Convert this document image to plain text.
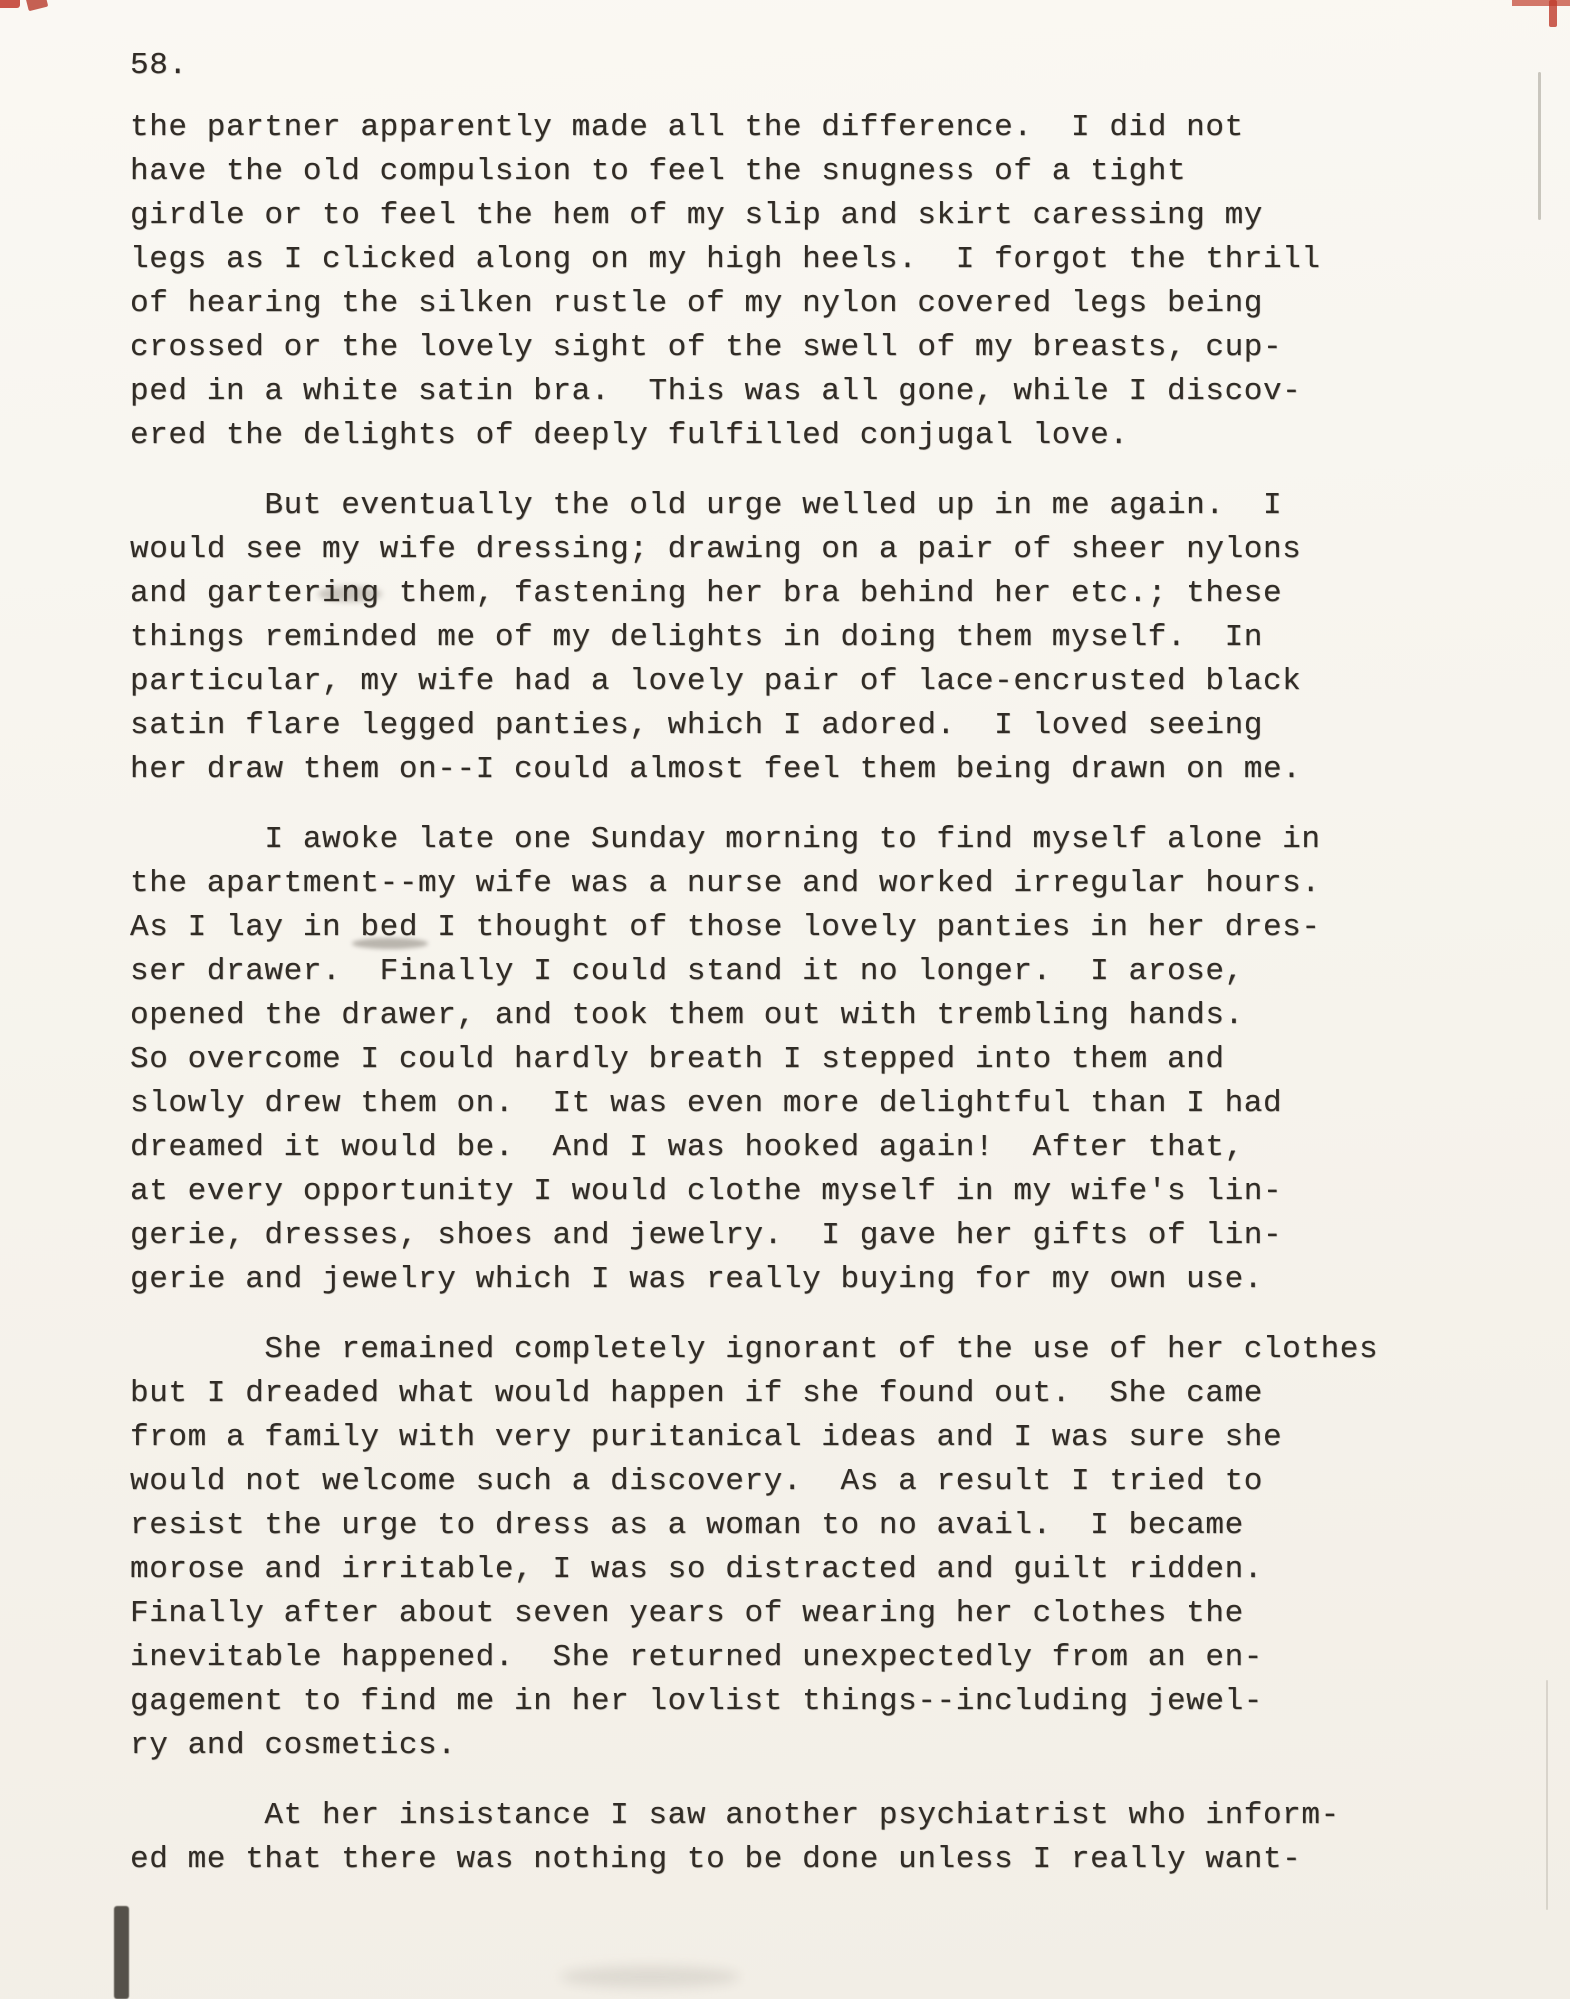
58.
the partner apparently made all the difference.  I did not
have the old compulsion to feel the snugness of a tight
girdle or to feel the hem of my slip and skirt caressing my
legs as I clicked along on my high heels.  I forgot the thrill
of hearing the silken rustle of my nylon covered legs being
crossed or the lovely sight of the swell of my breasts, cup-
ped in a white satin bra.  This was all gone, while I discov-
ered the delights of deeply fulfilled conjugal love.
But eventually the old urge welled up in me again.  I
would see my wife dressing; drawing on a pair of sheer nylons
and gartering them, fastening her bra behind her etc.; these
things reminded me of my delights in doing them myself.  In
particular, my wife had a lovely pair of lace-encrusted black
satin flare legged panties, which I adored.  I loved seeing
her draw them on--I could almost feel them being drawn on me.
I awoke late one Sunday morning to find myself alone in
the apartment--my wife was a nurse and worked irregular hours.
As I lay in bed I thought of those lovely panties in her dres-
ser drawer.  Finally I could stand it no longer.  I arose,
opened the drawer, and took them out with trembling hands.
So overcome I could hardly breath I stepped into them and
slowly drew them on.  It was even more delightful than I had
dreamed it would be.  And I was hooked again!  After that,
at every opportunity I would clothe myself in my wife's lin-
gerie, dresses, shoes and jewelry.  I gave her gifts of lin-
gerie and jewelry which I was really buying for my own use.
She remained completely ignorant of the use of her clothes
but I dreaded what would happen if she found out.  She came
from a family with very puritanical ideas and I was sure she
would not welcome such a discovery.  As a result I tried to
resist the urge to dress as a woman to no avail.  I became
morose and irritable, I was so distracted and guilt ridden.
Finally after about seven years of wearing her clothes the
inevitable happened.  She returned unexpectedly from an en-
gagement to find me in her lovlist things--including jewel-
ry and cosmetics.
At her insistance I saw another psychiatrist who inform-
ed me that there was nothing to be done unless I really want-
